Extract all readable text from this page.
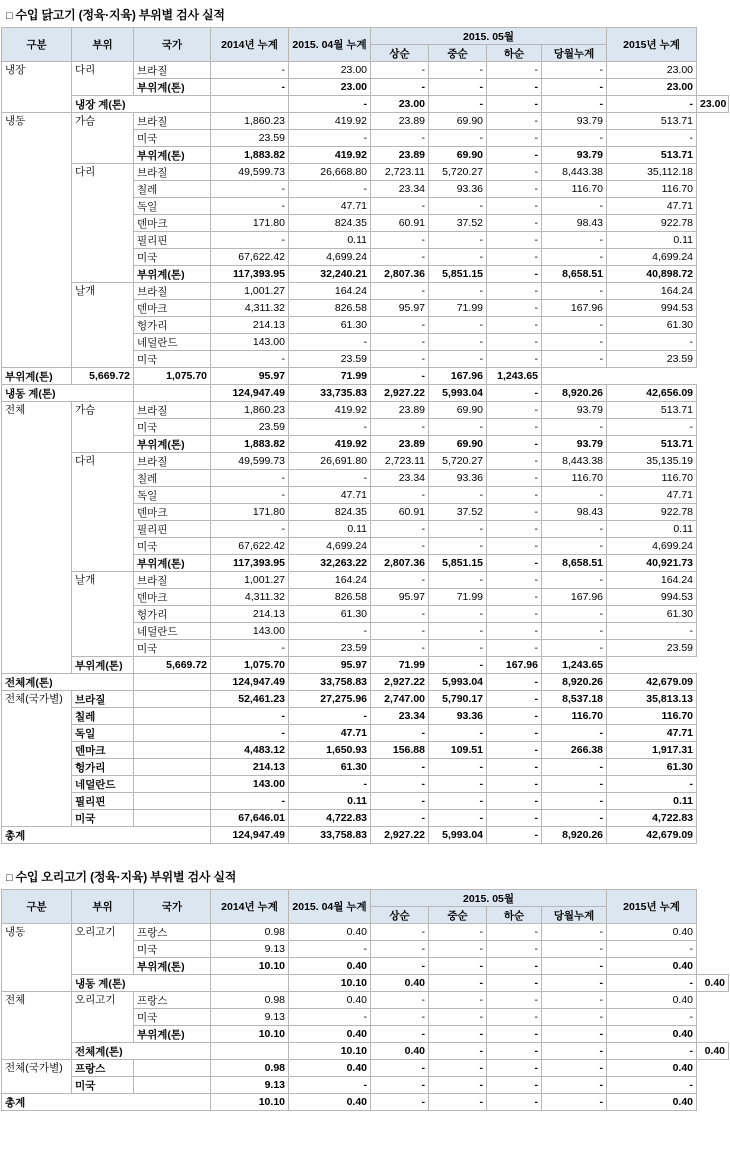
□ 수입 닭고기 (정육·지육) 부위별 검사 실적
구분	부위	국가	2014년 누계	2015. 04월 누계	2015. 05월				2015년 누계	
					상순	중순	하순	당월누계		
냉장	다리	브라질	-	23.00	-	-	-	-	23.00	
		부위계(톤)	-	23.00	-	-	-	-	23.00	
	냉장 계(톤)			-	23.00	-	-	-	-	23.00
냉동	가슴	브라질	1,860.23	419.92	23.89	69.90	-	93.79	513.71	
		미국	23.59	-	-	-	-	-	-	
		부위계(톤)	1,883.82	419.92	23.89	69.90	-	93.79	513.71	
	다리	브라질	49,599.73	26,668.80	2,723.11	5,720.27	-	8,443.38	35,112.18	
		칠레	-	-	23.34	93.36	-	116.70	116.70	
		독일	-	47.71	-	-	-	-	47.71	
		덴마크	171.80	824.35	60.91	37.52	-	98.43	922.78	
		필리핀	-	0.11	-	-	-	-	0.11	
		미국	67,622.42	4,699.24	-	-	-	-	4,699.24	
		부위계(톤)	117,393.95	32,240.21	2,807.36	5,851.15	-	8,658.51	40,898.72	
	날개	브라질	1,001.27	164.24	-	-	-	-	164.24	
		덴마크	4,311.32	826.58	95.97	71.99	-	167.96	994.53	
		헝가리	214.13	61.30	-	-	-	-	61.30	
		네덜란드	143.00	-	-	-	-	-	-	
		미국	-	23.59	-	-	-	-	23.59	
부위계(톤)	5,669.72	1,075.70	95.97	71.99	-	167.96	1,243.65			
냉동 계(톤)			124,947.49	33,735.83	2,927.22	5,993.04	-	8,920.26	42,656.09	
전체	가슴	브라질	1,860.23	419.92	23.89	69.90	-	93.79	513.71	
		미국	23.59	-	-	-	-	-	-	
		부위계(톤)	1,883.82	419.92	23.89	69.90	-	93.79	513.71	
	다리	브라질	49,599.73	26,691.80	2,723.11	5,720.27	-	8,443.38	35,135.19	
		칠레	-	-	23.34	93.36	-	116.70	116.70	
		독일	-	47.71	-	-	-	-	47.71	
		덴마크	171.80	824.35	60.91	37.52	-	98.43	922.78	
		필리핀	-	0.11	-	-	-	-	0.11	
		미국	67,622.42	4,699.24	-	-	-	-	4,699.24	
		부위계(톤)	117,393.95	32,263.22	2,807.36	5,851.15	-	8,658.51	40,921.73	
	날개	브라질	1,001.27	164.24	-	-	-	-	164.24	
		덴마크	4,311.32	826.58	95.97	71.99	-	167.96	994.53	
		헝가리	214.13	61.30	-	-	-	-	61.30	
		네덜란드	143.00	-	-	-	-	-	-	
		미국	-	23.59	-	-	-	-	23.59	
	부위계(톤)	5,669.72	1,075.70	95.97	71.99	-	167.96	1,243.65		
전체계(톤)			124,947.49	33,758.83	2,927.22	5,993.04	-	8,920.26	42,679.09	
전체(국가별)	브라질		52,461.23	27,275.96	2,747.00	5,790.17	-	8,537.18	35,813.13	
	칠레		-	-	23.34	93.36	-	116.70	116.70	
	독일		-	47.71	-	-	-	-	47.71	
	덴마크		4,483.12	1,650.93	156.88	109.51	-	266.38	1,917.31	
	헝가리		214.13	61.30	-	-	-	-	61.30	
	네덜란드		143.00	-	-	-	-	-	-	
	필리핀		-	0.11	-	-	-	-	0.11	
	미국		67,646.01	4,722.83	-	-	-	-	4,722.83	
총계			124,947.49	33,758.83	2,927.22	5,993.04	-	8,920.26	42,679.09	
□ 수입 오리고기 (정육·지육) 부위별 검사 실적
구분	부위	국가	2014년 누계	2015. 04월 누계	2015. 05월				2015년 누계	
					상순	중순	하순	당월누계		
냉동	오리고기	프랑스	0.98	0.40	-	-	-	-	0.40	
		미국	9.13	-	-	-	-	-	-	
		부위계(톤)	10.10	0.40	-	-	-	-	0.40	
	냉동 계(톤)			10.10	0.40	-	-	-	-	0.40
전체	오리고기	프랑스	0.98	0.40	-	-	-	-	0.40	
		미국	9.13	-	-	-	-	-	-	
		부위계(톤)	10.10	0.40	-	-	-	-	0.40	
	전체계(톤)			10.10	0.40	-	-	-	-	0.40
전체(국가별)	프랑스		0.98	0.40	-	-	-	-	0.40	
	미국		9.13	-	-	-	-	-	-	
총계			10.10	0.40	-	-	-	-	0.40	
